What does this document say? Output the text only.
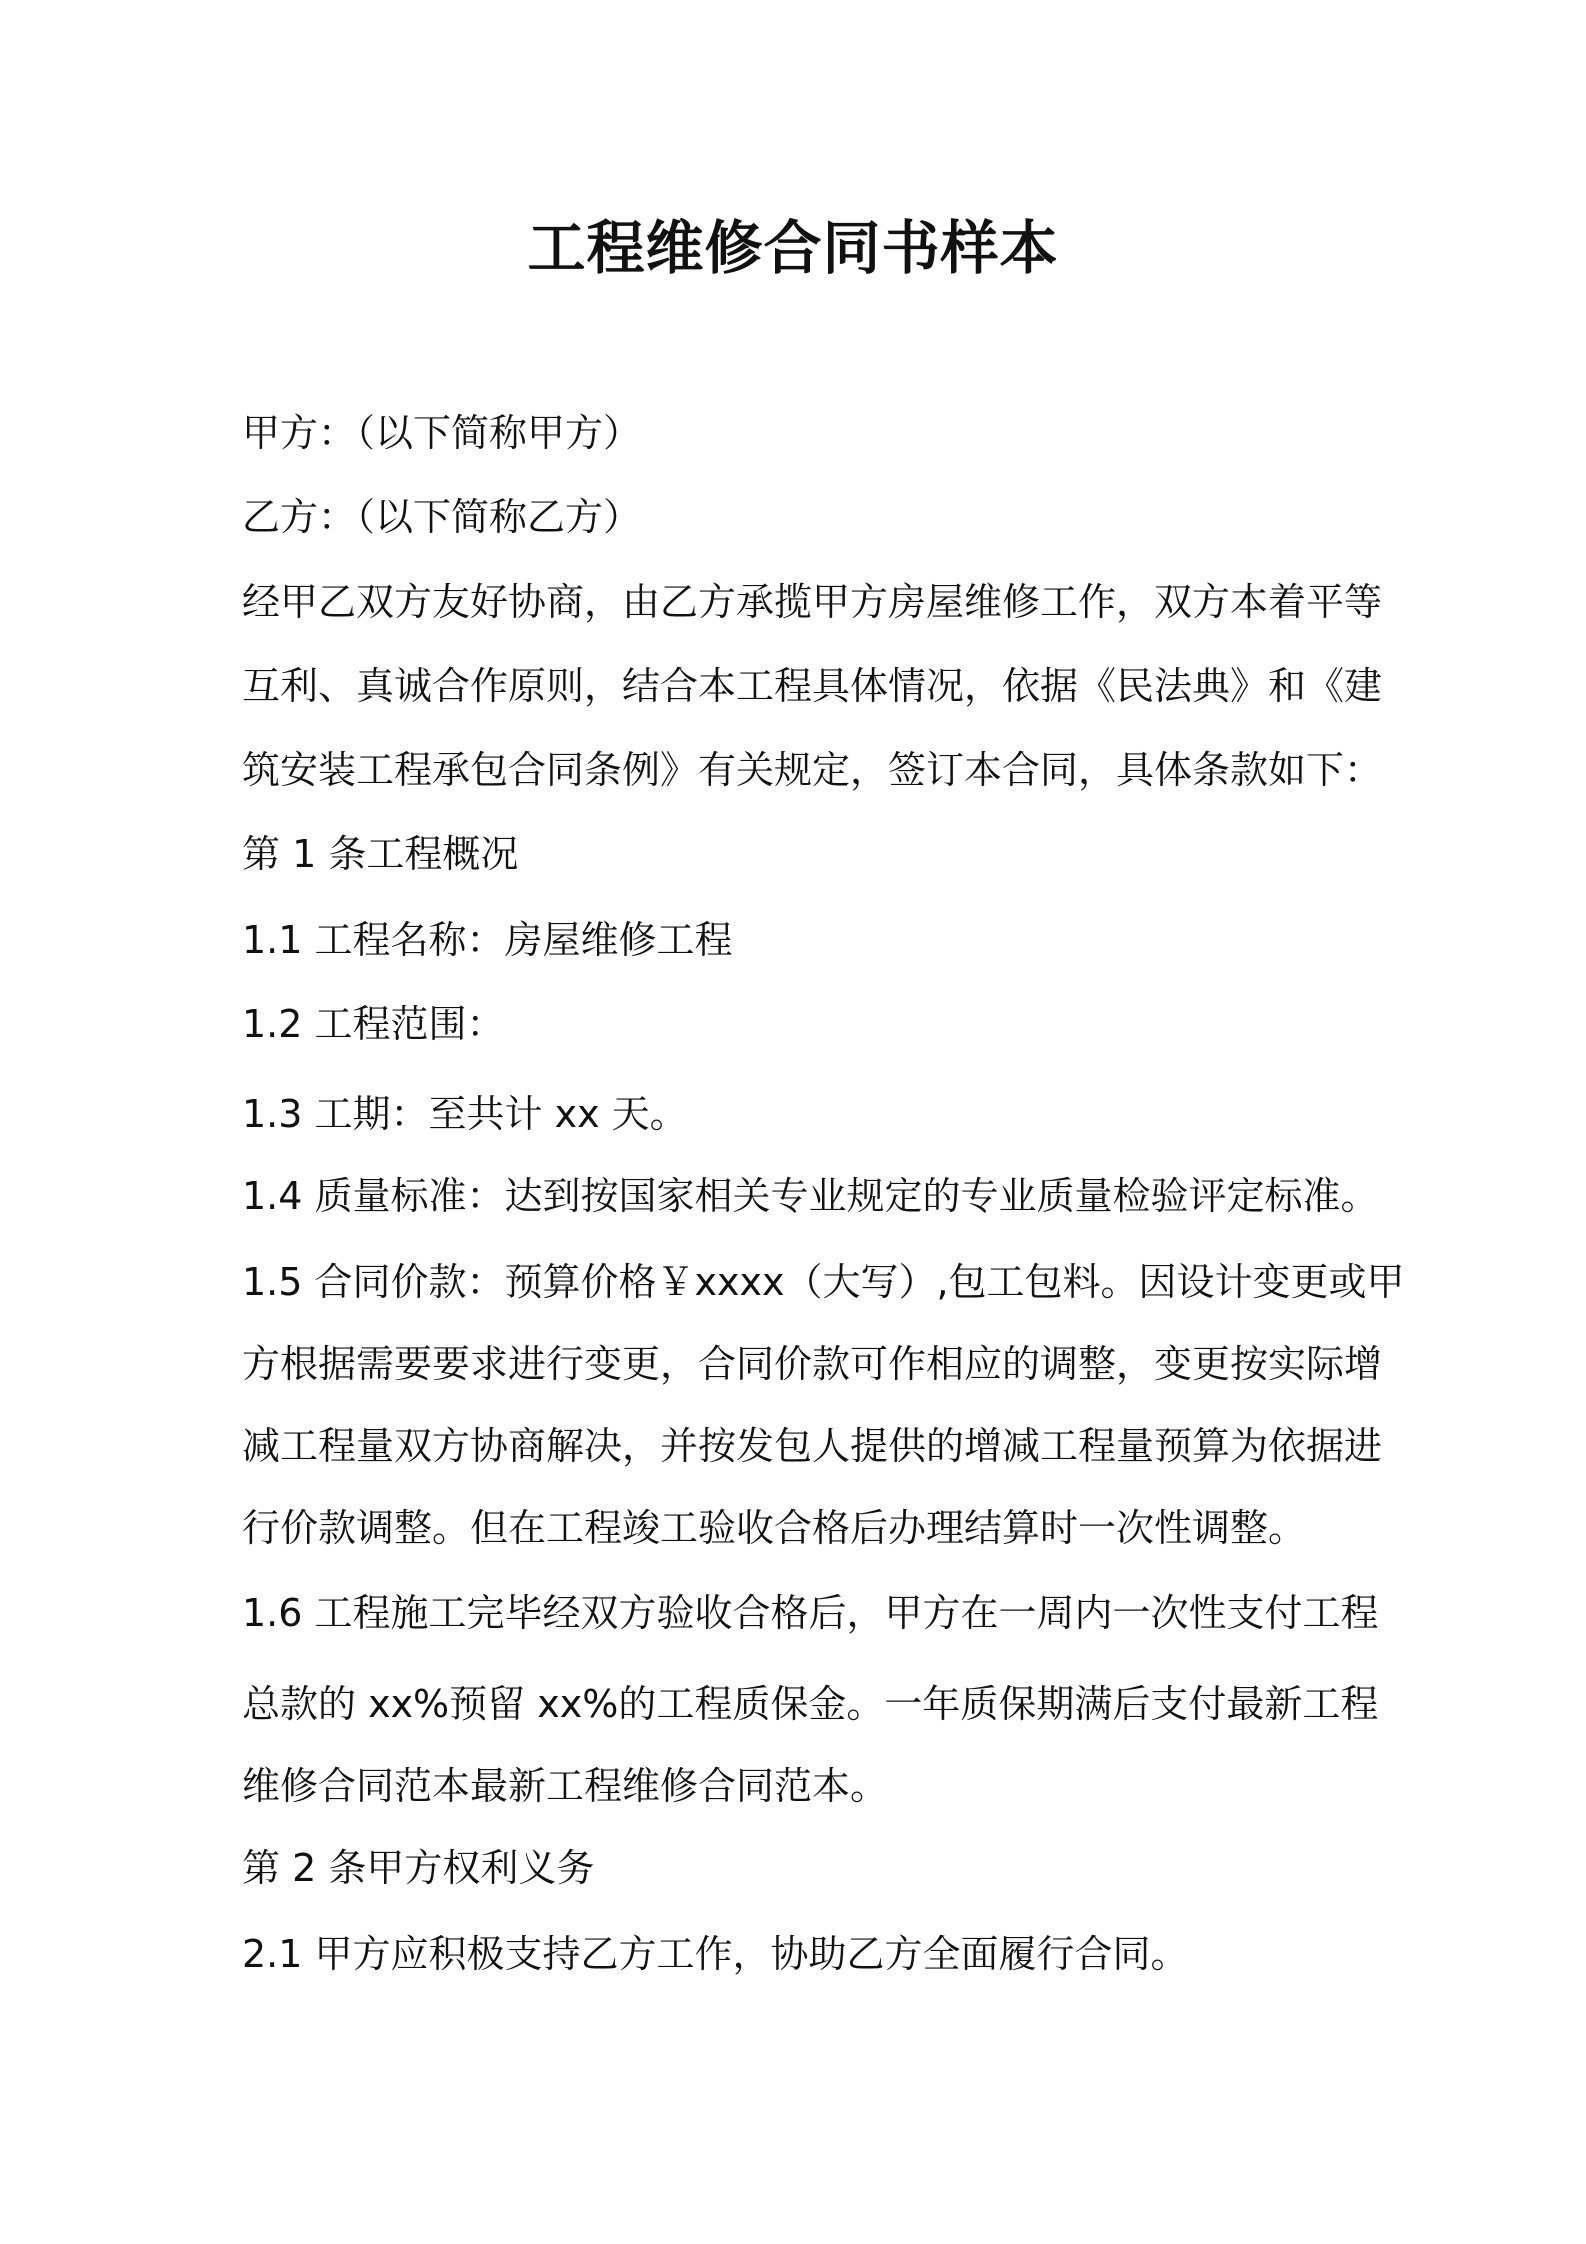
工程维修合同书样本
甲方：（以下简称甲方）
乙方：（以下简称乙方）
经甲乙双方友好协商，由乙方承揽甲方房屋维修工作，双方本着平等
互利、真诚合作原则，结合本工程具体情况，依据《民法典》和《建
筑安装工程承包合同条例》有关规定，签订本合同，具体条款如下：
第 1 条工程概况
1.1 工程名称：房屋维修工程
1.2 工程范围：
1.3 工期：至共计 xx 天。
1.4 质量标准：达到按国家相关专业规定的专业质量检验评定标准。
1.5 合同价款：预算价格￥xxxx（大写）,包工包料。因设计变更或甲
方根据需要要求进行变更，合同价款可作相应的调整，变更按实际增
减工程量双方协商解决，并按发包人提供的增减工程量预算为依据进
行价款调整。但在工程竣工验收合格后办理结算时一次性调整。
1.6 工程施工完毕经双方验收合格后，甲方在一周内一次性支付工程
总款的 xx%预留 xx%的工程质保金。一年质保期满后支付最新工程
维修合同范本最新工程维修合同范本。
第 2 条甲方权利义务
2.1 甲方应积极支持乙方工作，协助乙方全面履行合同。
